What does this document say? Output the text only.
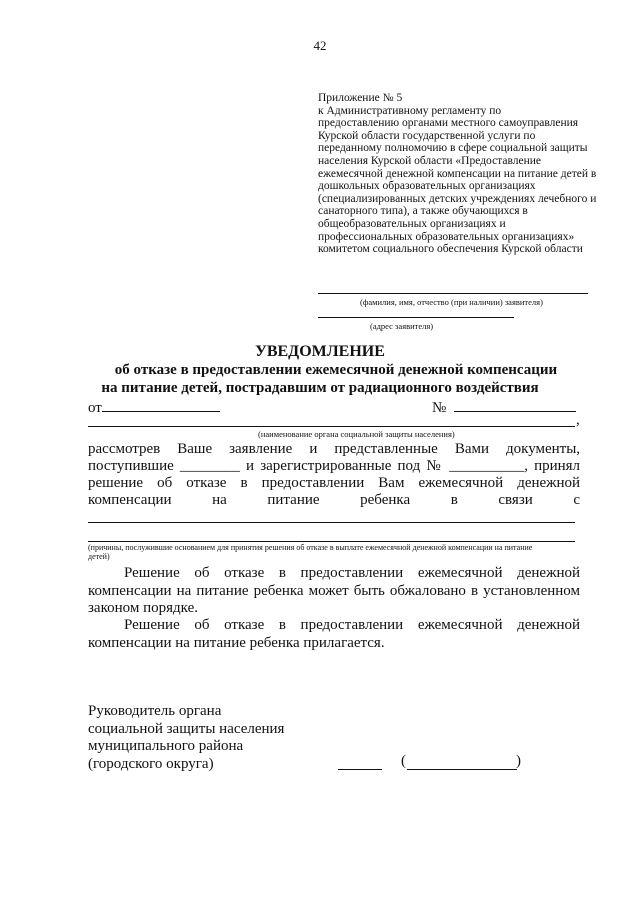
42
Приложение № 5
к Административному регламенту по
предоставлению органами местного самоуправления
Курской области государственной услуги по
переданному полномочию в сфере социальной защиты
населения Курской области «Предоставление
ежемесячной денежной компенсации на питание детей в
дошкольных образовательных организациях
(специализированных детских учреждениях лечебного и
санаторного типа), а также обучающихся в
общеобразовательных организациях и
профессиональных образовательных организациях»
комитетом социального обеспечения Курской области
(фамилия, имя, отчество (при наличии) заявителя)
(адрес заявителя)
УВЕДОМЛЕНИЕ
об отказе в предоставлении ежемесячной денежной компенсации
на питание детей, пострадавшим от радиационного воздействия
от	№
,
(наименование органа социальной защиты населения)
рассмотрев Ваше заявление и представленные Вами документы,
поступившие ________ и зарегистрированные под № __________, принял
решение об отказе в предоставлении Вам ежемесячной денежной
компенсации	на	питание	ребенка	в	связи	с
(причины, послужившие основанием для принятия решения об отказе в выплате ежемесячной денежной компенсации на питание
детей)
Решение об отказе в предоставлении ежемесячной денежной компенсации на питание ребенка может быть обжаловано в установленном законом порядке.
Решение об отказе в предоставлении ежемесячной денежной компенсации на питание ребенка прилагается.
Руководитель органа
социальной защиты населения
муниципального района
(городского округа)	(	)
